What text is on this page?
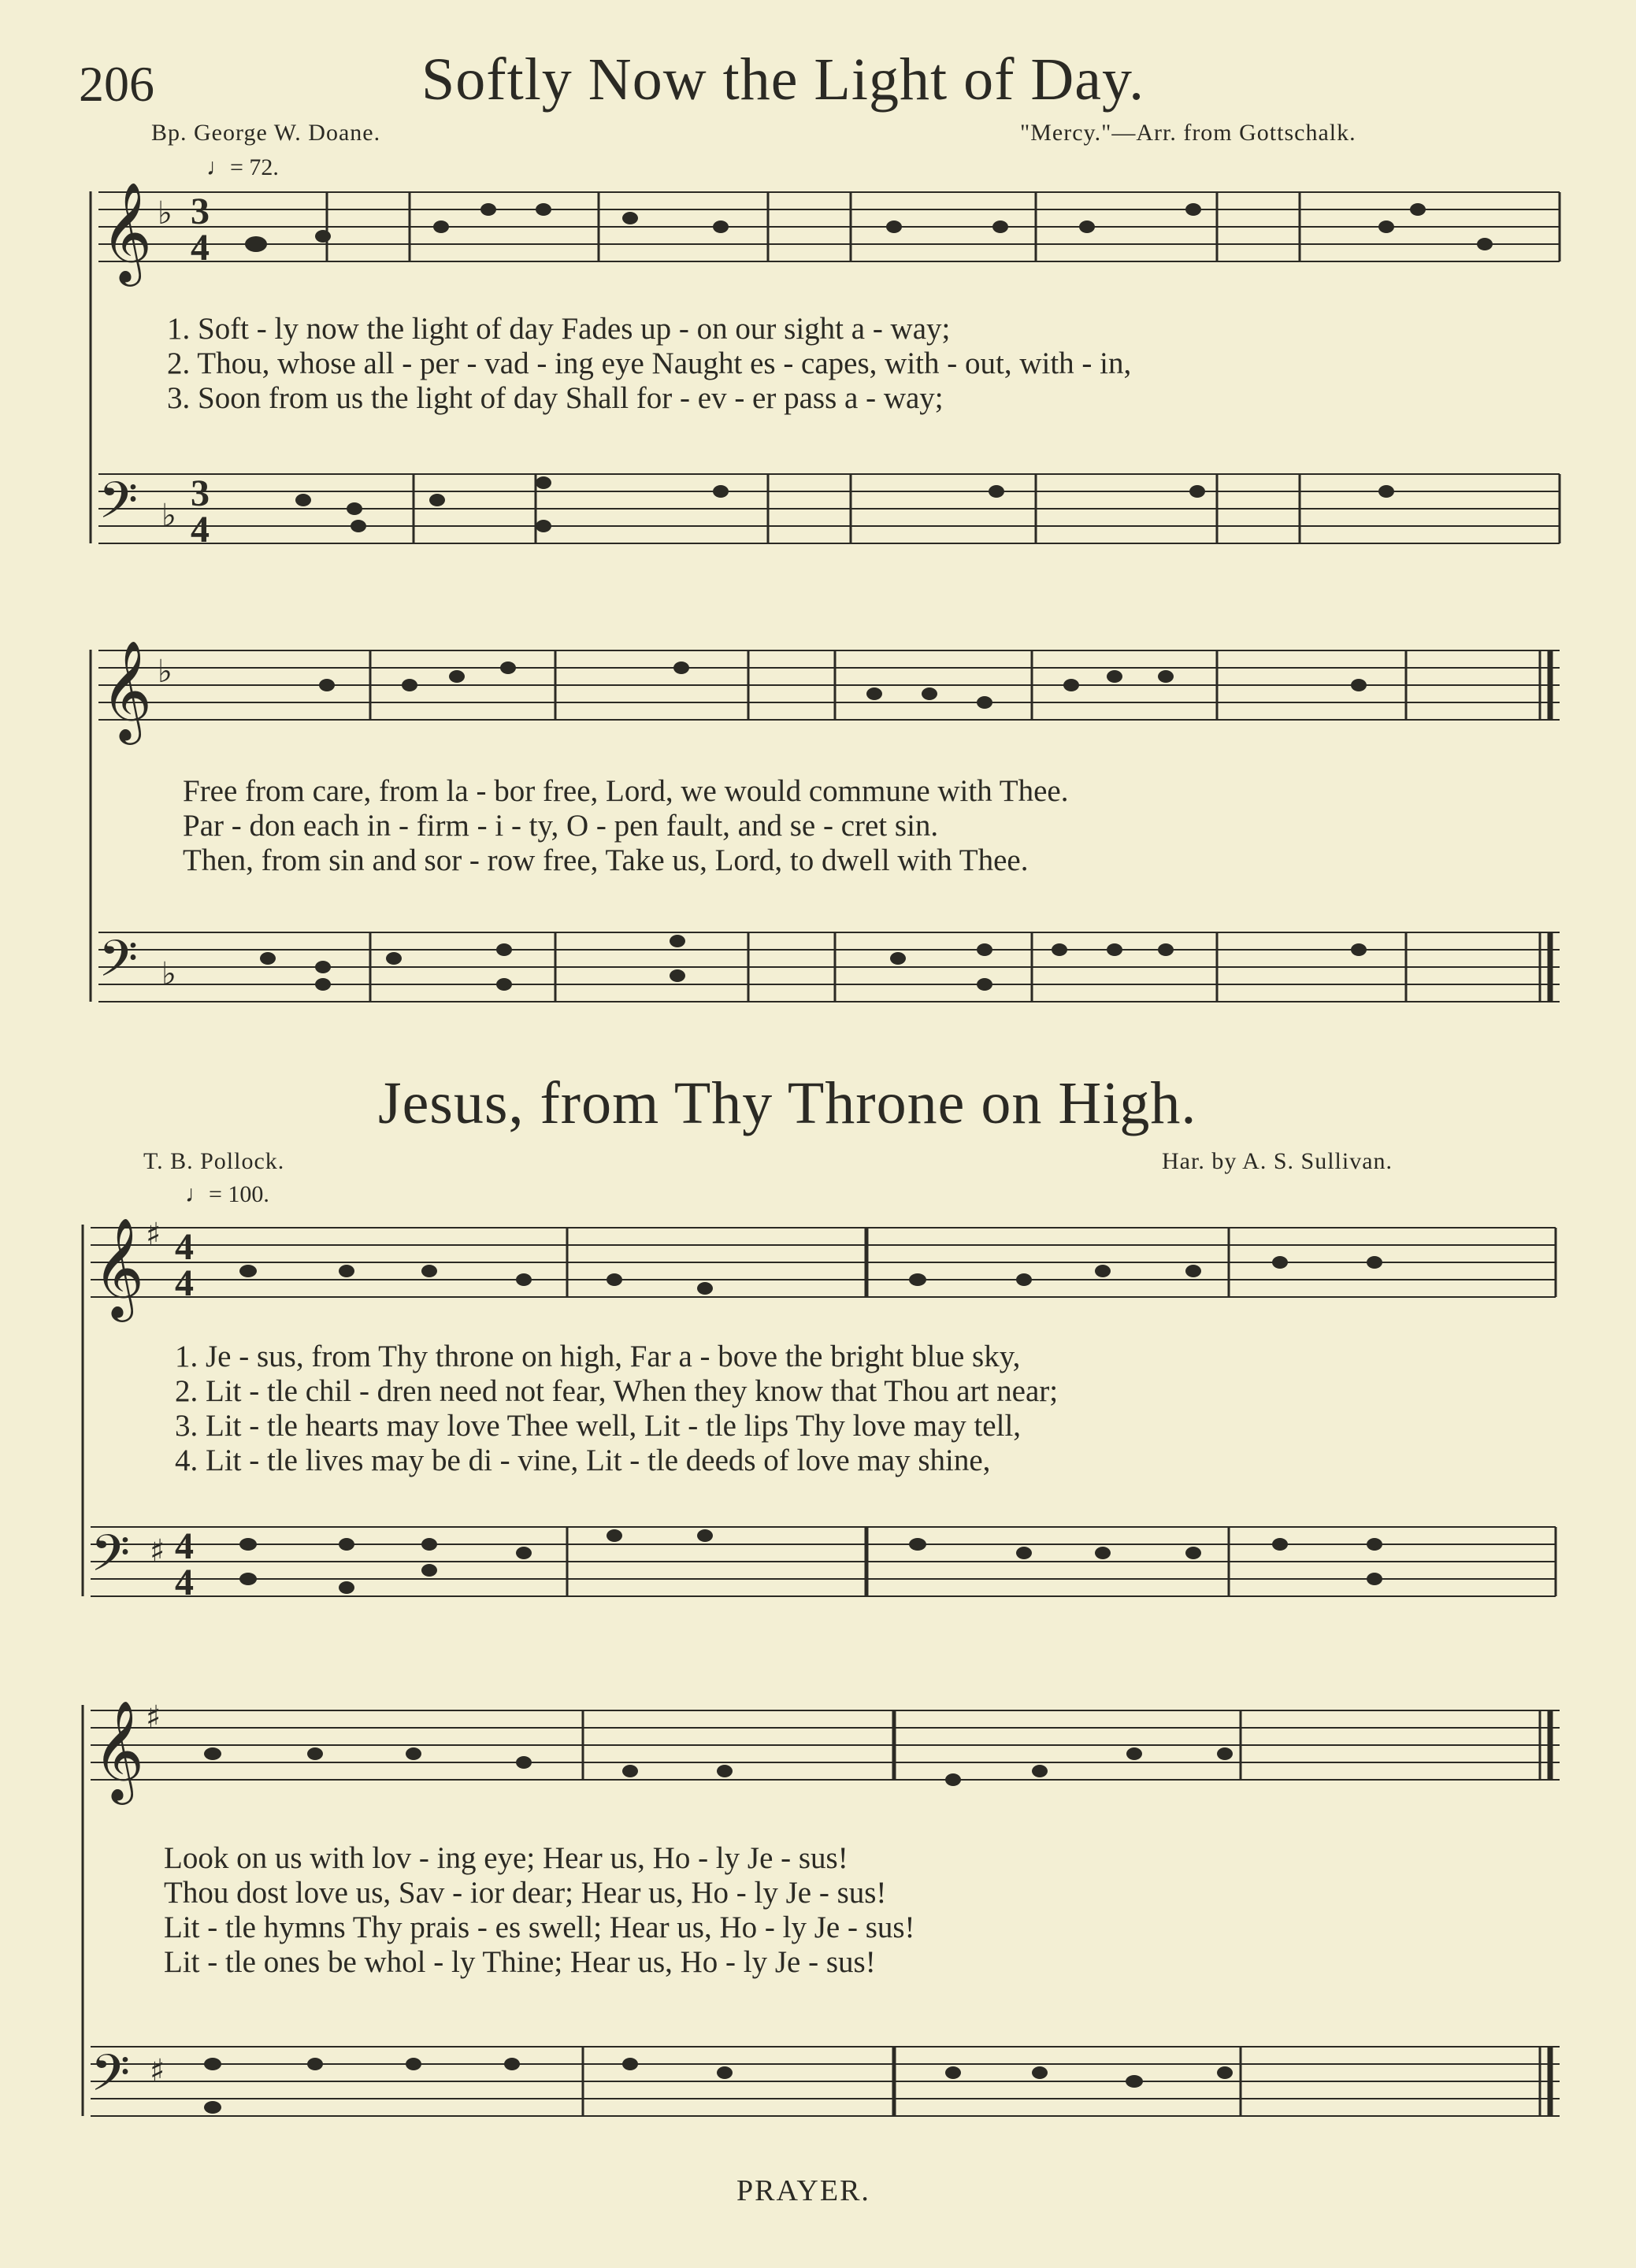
206	Softly Now the Light of Day.
Bp. George W. Doane.	"Mercy."—Arr. from Gottschalk.
♩= 72.
𝄞 ♭ 3
4
1. Soft - ly now the light of day Fades up - on our sight a - way;
2. Thou, whose all - per - vad - ing eye Naught es - capes, with - out, with - in,
3. Soon from us the light of day Shall for - ev - er pass a - way;
𝄢 ♭
3
4
𝄞 ♭
Free from care, from la - bor free, Lord, we would commune with Thee.
Par - don each in - firm - i - ty, O - pen fault, and se - cret sin.
Then, from sin and sor - row free, Take us, Lord, to dwell with Thee.
𝄢 ♭
Jesus, from Thy Throne on High.
T. B. Pollock.	Har. by A. S. Sullivan.
♩= 100.
𝄞 ♯ 4
4
1. Je - sus, from Thy throne on high, Far a - bove the bright blue sky,
2. Lit - tle chil - dren need not fear, When they know that Thou art near;
3. Lit - tle hearts may love Thee well, Lit - tle lips Thy love may tell,
4. Lit - tle lives may be di - vine, Lit - tle deeds of love may shine,
𝄢 ♯ 4
4
𝄞 ♯
Look on us with lov - ing eye; Hear us, Ho - ly Je - sus!
Thou dost love us, Sav - ior dear; Hear us, Ho - ly Je - sus!
Lit - tle hymns Thy prais - es swell; Hear us, Ho - ly Je - sus!
Lit - tle ones be whol - ly Thine; Hear us, Ho - ly Je - sus!
𝄢 ♯
PRAYER.
